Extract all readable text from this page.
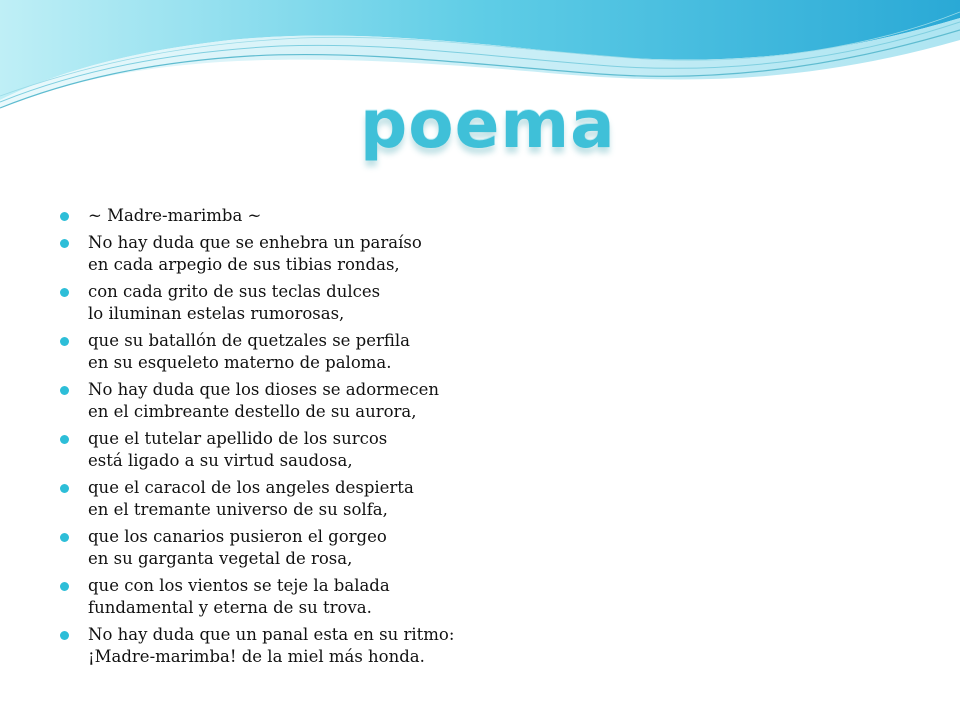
poema
~ Madre-marimba ~
No hay duda que se enhebra un paraíso
en cada arpegio de sus tibias rondas,
con cada grito de sus teclas dulces
lo iluminan estelas rumorosas,
que su batallón de quetzales se perfila
en su esqueleto materno de paloma.
No hay duda que los dioses se adormecen
en el cimbreante destello de su aurora,
que el tutelar apellido de los surcos
está ligado a su virtud saudosa,
que el caracol de los angeles despierta
en el tremante universo de su solfa,
que los canarios pusieron el gorgeo
en su garganta vegetal de rosa,
que con los vientos se teje la balada
fundamental y eterna de su trova.
No hay duda que un panal esta en su ritmo:
¡Madre-marimba! de la miel más honda.
